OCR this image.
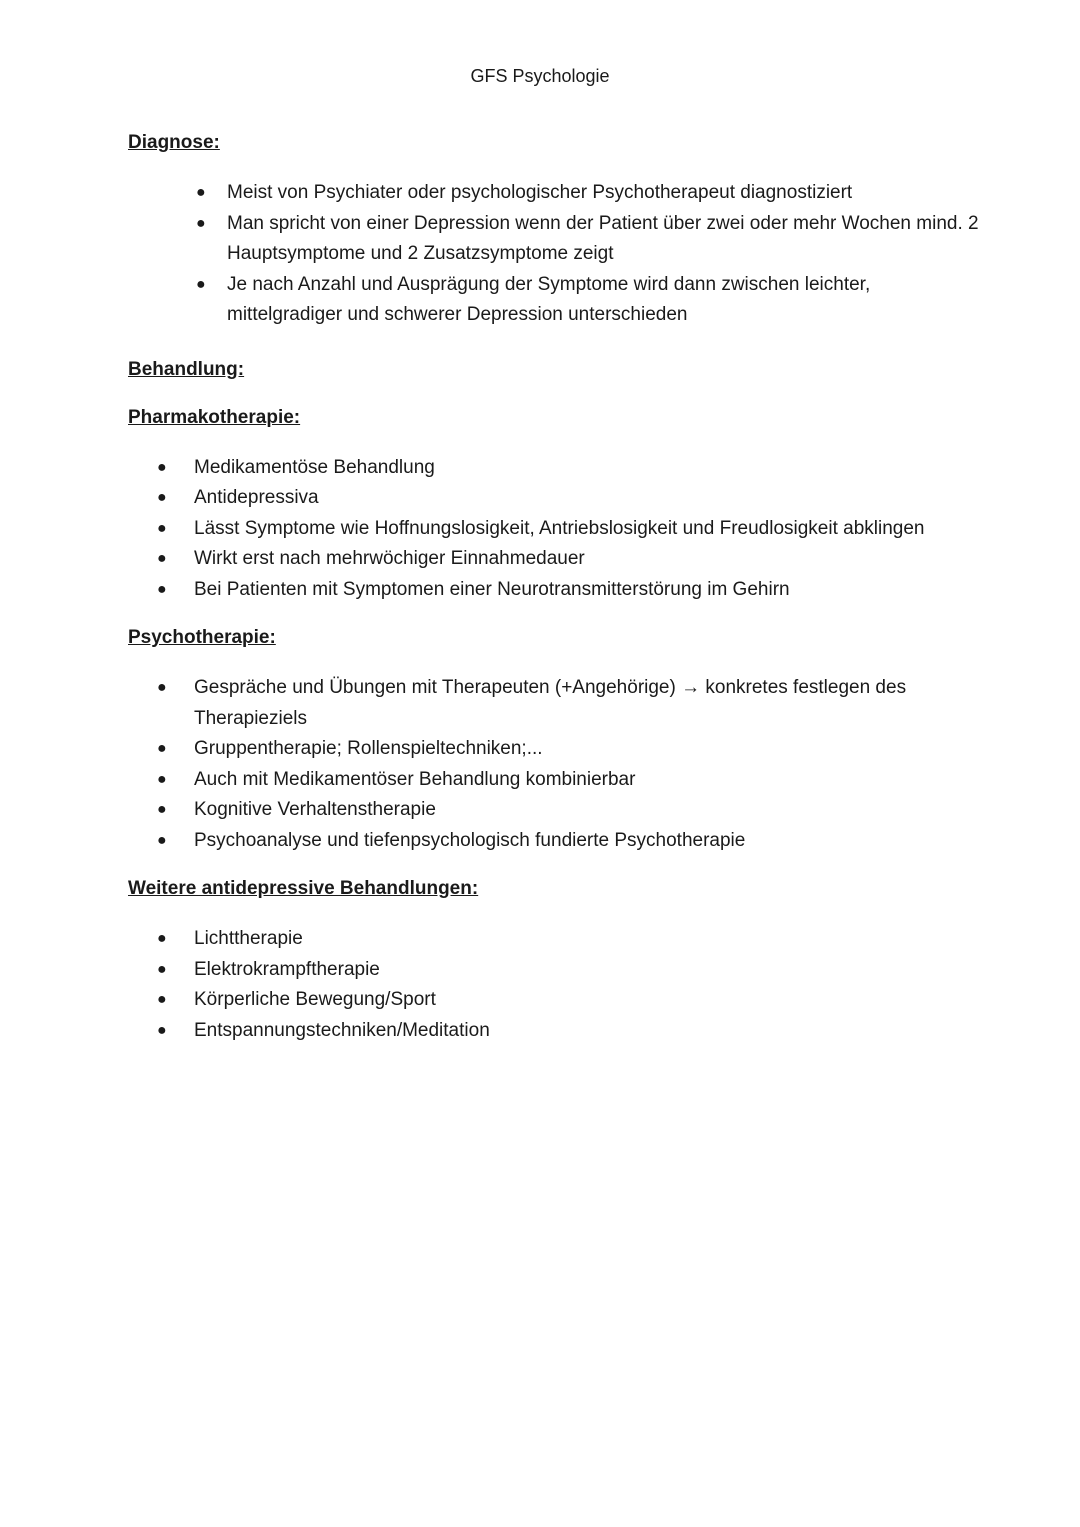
GFS Psychologie
Diagnose:
● Meist von Psychiater oder psychologischer Psychotherapeut diagnostiziert
● Man spricht von einer Depression wenn der Patient über zwei oder mehr Wochen mind. 2 Hauptsymptome und 2 Zusatzsymptome zeigt
● Je nach Anzahl und Ausprägung der Symptome wird dann zwischen leichter, mittelgradiger und schwerer Depression unterschieden
Behandlung:
Pharmakotherapie:
● Medikamentöse Behandlung
● Antidepressiva
● Lässt Symptome wie Hoffnungslosigkeit, Antriebslosigkeit und Freudlosigkeit abklingen
● Wirkt erst nach mehrwöchiger Einnahmedauer
● Bei Patienten mit Symptomen einer Neurotransmitterstörung im Gehirn
Psychotherapie:
● Gespräche und Übungen mit Therapeuten (+Angehörige) → konkretes festlegen des Therapieziels
● Gruppentherapie; Rollenspieltechniken;...
● Auch mit Medikamentöser Behandlung kombinierbar
● Kognitive Verhaltenstherapie
● Psychoanalyse und tiefenpsychologisch fundierte Psychotherapie
Weitere antidepressive Behandlungen:
● Lichttherapie
● Elektrokrampftherapie
● Körperliche Bewegung/Sport
● Entspannungstechniken/Meditation
